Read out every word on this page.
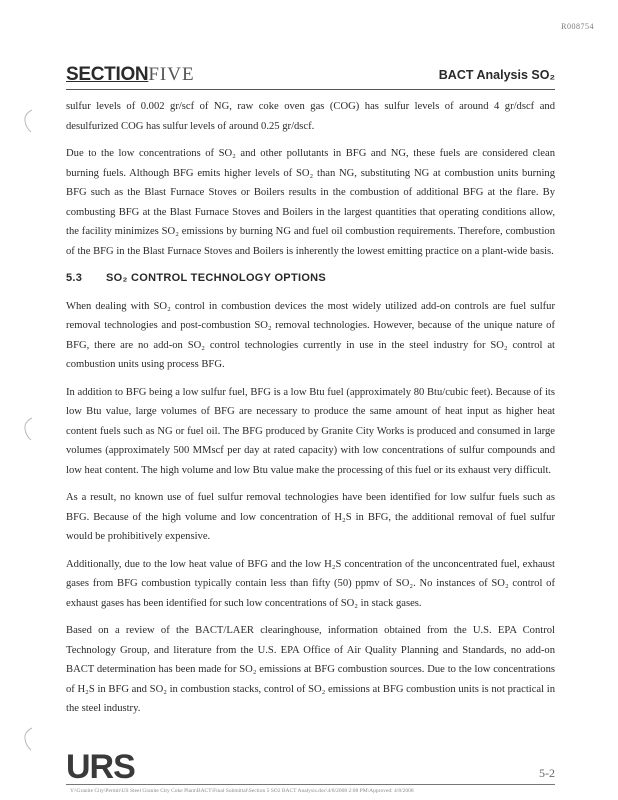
R008754
SECTIONFIVE	BACT Analysis SO₂

sulfur levels of 0.002 gr/scf of NG, raw coke oven gas (COG) has sulfur levels of around 4 gr/dscf and desulfurized COG has sulfur levels of around 0.25 gr/dscf.

Due to the low concentrations of SO₂ and other pollutants in BFG and NG, these fuels are considered clean burning fuels. Although BFG emits higher levels of SO₂ than NG, substituting NG at combustion units burning BFG such as the Blast Furnace Stoves or Boilers results in the combustion of additional BFG at the flare. By combusting BFG at the Blast Furnace Stoves and Boilers in the largest quantities that operating conditions allow, the facility minimizes SO₂ emissions by burning NG and fuel oil combustion requirements. Therefore, combustion of the BFG in the Blast Furnace Stoves and Boilers is inherently the lowest emitting practice on a plant-wide basis.

5.3 SO₂ CONTROL TECHNOLOGY OPTIONS

When dealing with SO₂ control in combustion devices the most widely utilized add-on controls are fuel sulfur removal technologies and post-combustion SO₂ removal technologies. However, because of the unique nature of BFG, there are no add-on SO₂ control technologies currently in use in the steel industry for SO₂ control at combustion units using process BFG.

In addition to BFG being a low sulfur fuel, BFG is a low Btu fuel (approximately 80 Btu/cubic feet). Because of its low Btu value, large volumes of BFG are necessary to produce the same amount of heat input as higher heat content fuels such as NG or fuel oil. The BFG produced by Granite City Works is produced and consumed in large volumes (approximately 500 MMscf per day at rated capacity) with low concentrations of sulfur compounds and low heat content. The high volume and low Btu value make the processing of this fuel or its exhaust very difficult.

As a result, no known use of fuel sulfur removal technologies have been identified for low sulfur fuels such as BFG. Because of the high volume and low concentration of H₂S in BFG, the additional removal of fuel sulfur would be prohibitively expensive.

Additionally, due to the low heat value of BFG and the low H₂S concentration of the unconcentrated fuel, exhaust gases from BFG combustion typically contain less than fifty (50) ppmv of SO₂. No instances of SO₂ control of exhaust gases has been identified for such low concentrations of SO₂ in stack gases.

Based on a review of the BACT/LAER clearinghouse, information obtained from the U.S. EPA Control Technology Group, and literature from the U.S. EPA Office of Air Quality Planning and Standards, no add-on BACT determination has been made for SO₂ emissions at BFG combustion sources. Due to the low concentrations of H₂S in BFG and SO₂ in combustion stacks, control of SO₂ emissions at BFG combustion units is not practical in the steel industry.

URS	5-2
Y:\Granite City\Permit\US Steel Granite City Coke Plant\BACT\Final Submittal\Section 5 SO2 BACT Analysis.doc\4/8/2008 2:08 PM\Approved: 4/8/2008
